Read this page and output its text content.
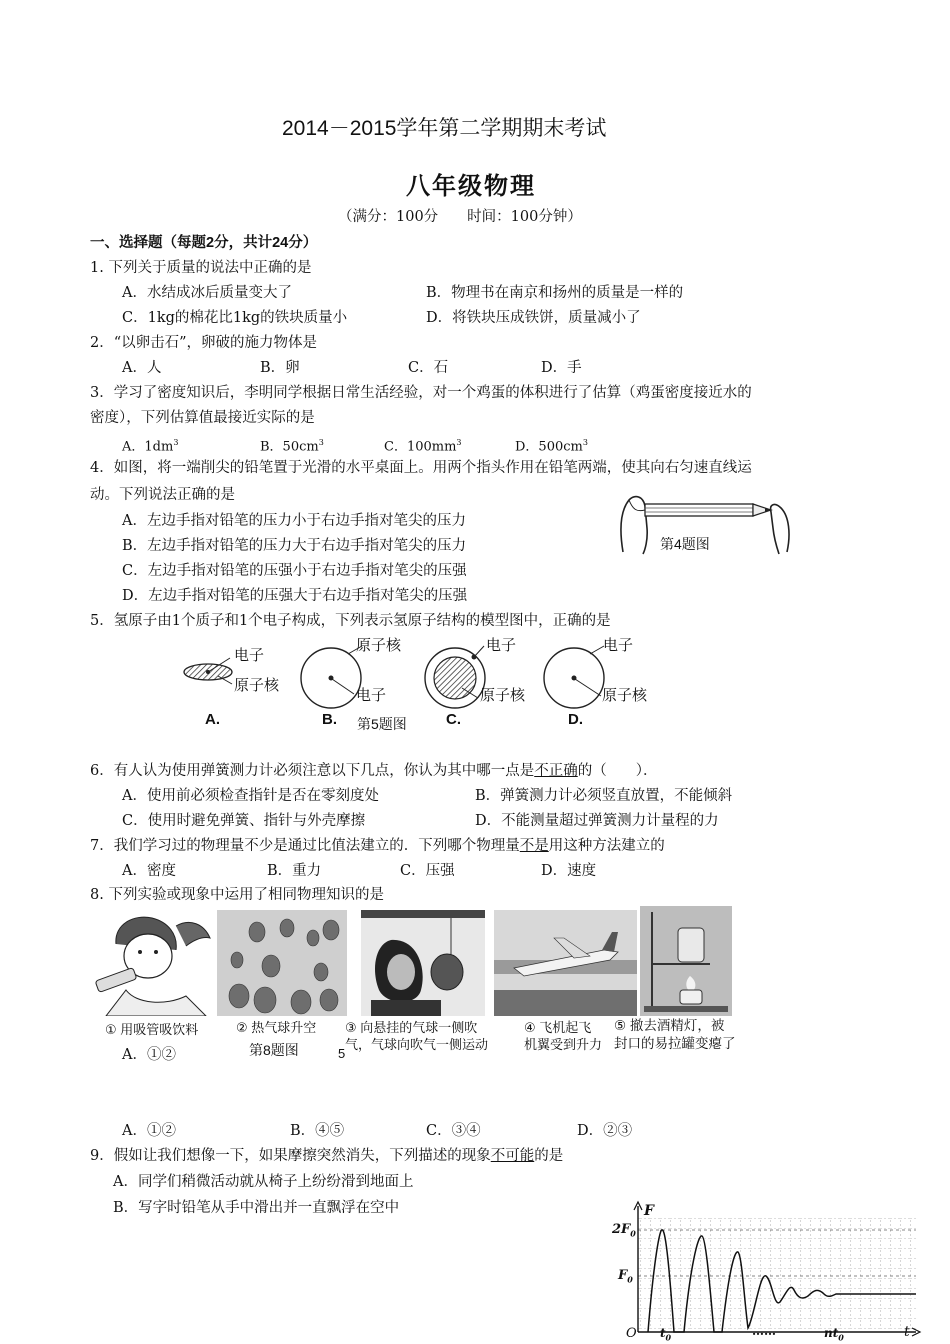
2014－2015学年第二学期期末考试
八年级物理
（满分：100分　　时间：100分钟）
一、选择题（每题2分，共计24分）
1. 下列关于质量的说法中正确的是
A．水结成冰后质量变大了	B．物理书在南京和扬州的质量是一样的
C．1kg的棉花比1kg的铁块质量小	D．将铁块压成铁饼，质量减小了
2．“以卵击石”，卵破的施力物体是
A．人	B．卵	C．石	D．手
3．学习了密度知识后，李明同学根据日常生活经验，对一个鸡蛋的体积进行了估算（鸡蛋密度接近水的
密度），下列估算值最接近实际的是
A．$1dm^3$	B．$50cm^3$	C．$100mm^3$	D．$500cm^3$
4．如图，将一端削尖的铅笔置于光滑的水平桌面上。用两个指头作用在铅笔两端，使其向右匀速直线运
动。下列说法正确的是
A．左边手指对铅笔的压力小于右边手指对笔尖的压力
B．左边手指对铅笔的压力大于右边手指对笔尖的压力
C．左边手指对铅笔的压强小于右边手指对笔尖的压强
D．左边手指对铅笔的压强大于右边手指对笔尖的压强
第4题图
5．氢原子由1个质子和1个电子构成，下列表示氢原子结构的模型图中，正确的是
电子
原子核
原子核
电子
电子
原子核
电子
原子核
A.	B. 第5题图	C.	D.
6．有人认为使用弹簧测力计必须注意以下几点，你认为其中哪一点是不正确的（　　）．
A．使用前必须检查指针是否在零刻度处	B．弹簧测力计必须竖直放置，不能倾斜
C．使用时避免弹簧、指针与外壳摩擦	D．不能测量超过弹簧测力计量程的力
7．我们学习过的物理量不少是通过比值法建立的．下列哪个物理量不是用这种方法建立的
A．密度	B．重力	C．压强	D．速度
8. 下列实验或现象中运用了相同物理知识的是
① 用吸管吸饮料	② 热气球升空 ③ 向悬挂的气球一侧吹
气，气球向吹气一侧运动
④ 飞机起飞
机翼受到升力
⑤ 撤去酒精灯，被
封口的易拉罐变瘪了
A．①②	第8题图	5
A．①②	B．④⑤	C．③④	D．②③
9．假如让我们想像一下，如果摩擦突然消失，下列描述的现象不可能的是
A．同学们稍微活动就从椅子上纷纷滑到地面上
B．写字时铅笔从手中滑出并一直飘浮在空中	F
$2F_0$
$F_0$
O $t_0$	……	$nt_0$	t
